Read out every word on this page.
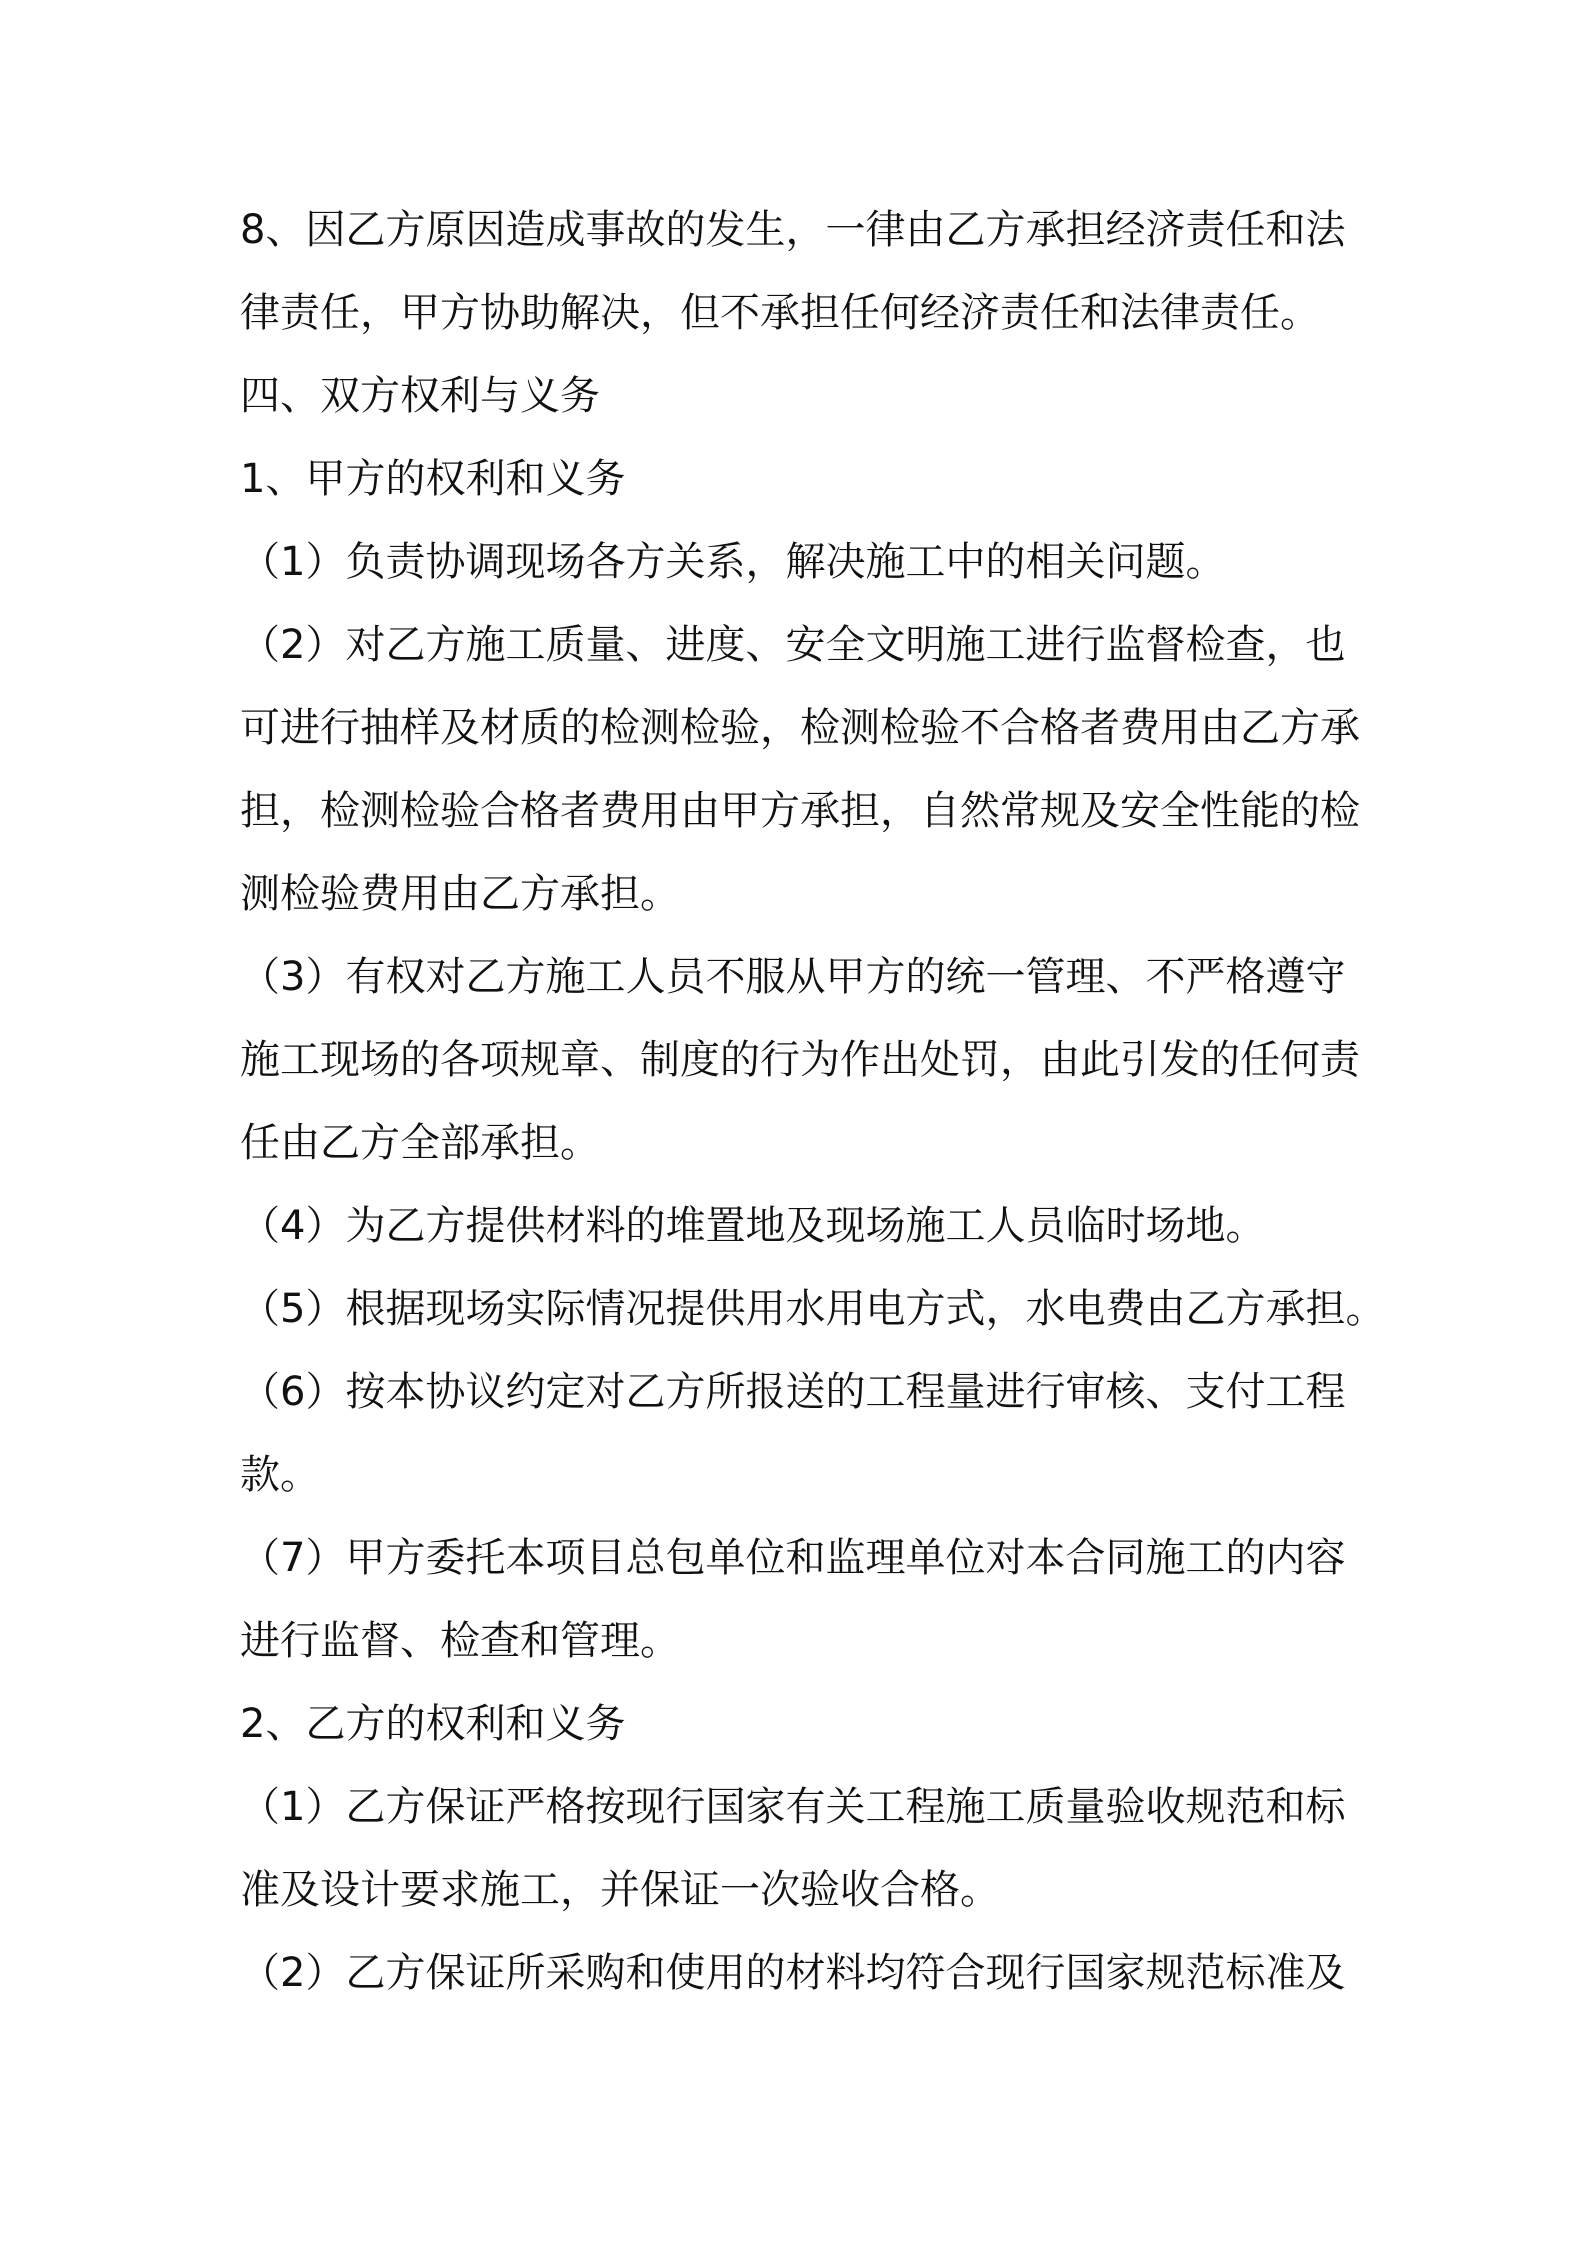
8、因乙方原因造成事故的发生，一律由乙方承担经济责任和法
律责任，甲方协助解决，但不承担任何经济责任和法律责任。
四、双方权利与义务
1、甲方的权利和义务
（1）负责协调现场各方关系，解决施工中的相关问题。
（2）对乙方施工质量、进度、安全文明施工进行监督检查，也
可进行抽样及材质的检测检验，检测检验不合格者费用由乙方承
担，检测检验合格者费用由甲方承担，自然常规及安全性能的检
测检验费用由乙方承担。
（3）有权对乙方施工人员不服从甲方的统一管理、不严格遵守
施工现场的各项规章、制度的行为作出处罚，由此引发的任何责
任由乙方全部承担。
（4）为乙方提供材料的堆置地及现场施工人员临时场地。
（5）根据现场实际情况提供用水用电方式，水电费由乙方承担。
（6）按本协议约定对乙方所报送的工程量进行审核、支付工程
款。
（7）甲方委托本项目总包单位和监理单位对本合同施工的内容
进行监督、检查和管理。
2、乙方的权利和义务
（1）乙方保证严格按现行国家有关工程施工质量验收规范和标
准及设计要求施工，并保证一次验收合格。
（2）乙方保证所采购和使用的材料均符合现行国家规范标准及
